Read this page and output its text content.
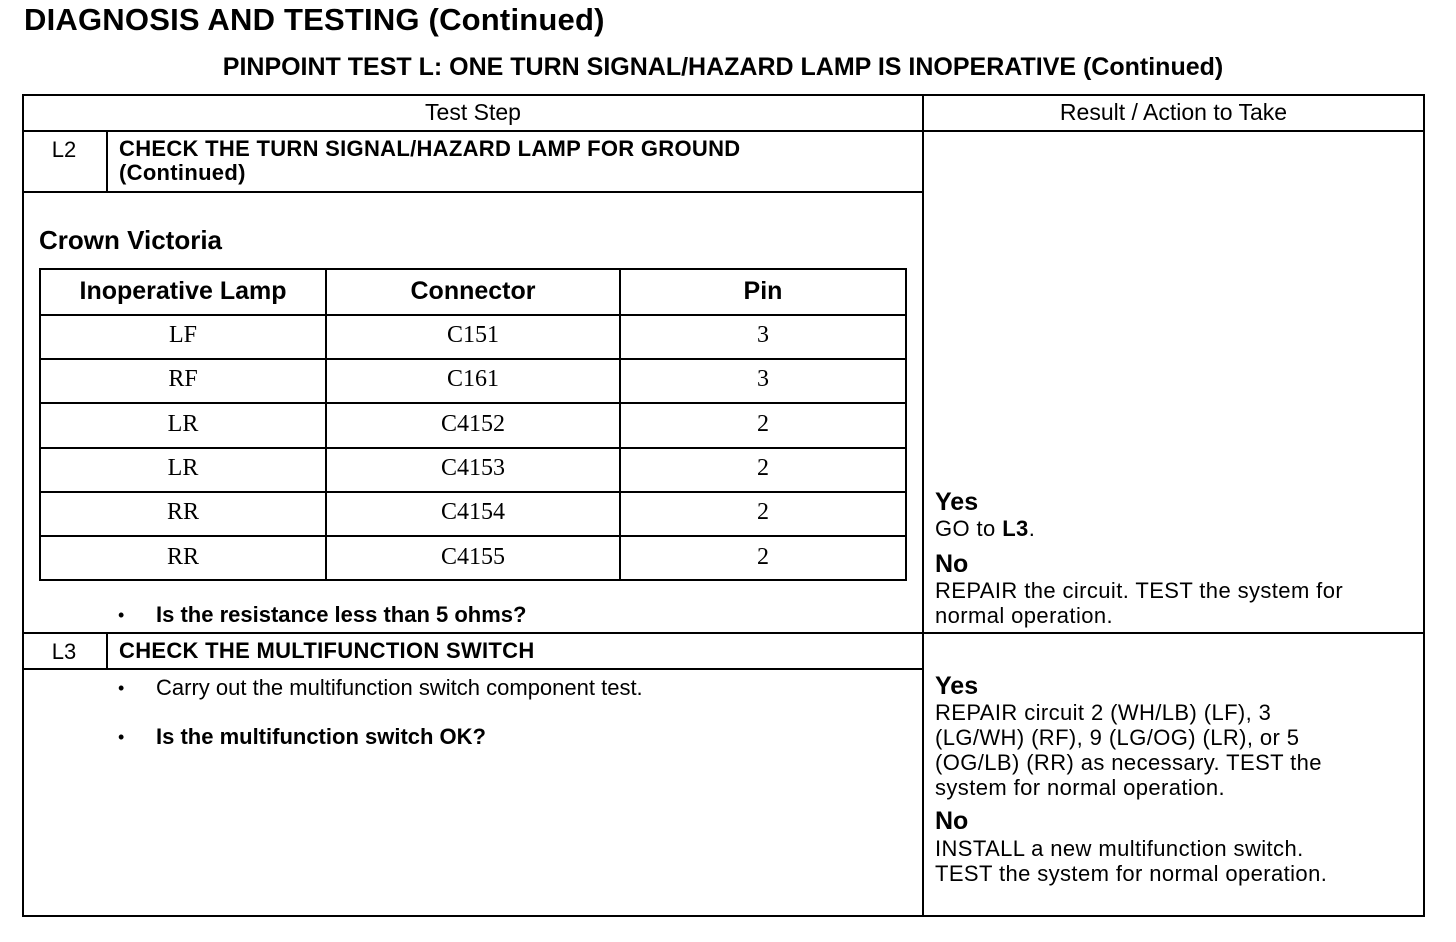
DIAGNOSIS AND TESTING (Continued)
PINPOINT TEST L: ONE TURN SIGNAL/HAZARD LAMP IS INOPERATIVE (Continued)
Test Step	Result / Action to Take
L2	CHECK THE TURN SIGNAL/HAZARD LAMP FOR GROUND
(Continued)
Crown Victoria
Inoperative Lamp	Connector	Pin
LF	C151	3
RF	C161	3
LR	C4152	2
LR	C4153	2
RR	C4154	2
RR	C4155	2
• Is the resistance less than 5 ohms?
Yes
GO to L3.
No
REPAIR the circuit. TEST the system for
normal operation.
L3	CHECK THE MULTIFUNCTION SWITCH
• Carry out the multifunction switch component test.
• Is the multifunction switch OK?
Yes
REPAIR circuit 2 (WH/LB) (LF), 3
(LG/WH) (RF), 9 (LG/OG) (LR), or 5
(OG/LB) (RR) as necessary. TEST the
system for normal operation.
No
INSTALL a new multifunction switch.
TEST the system for normal operation.
